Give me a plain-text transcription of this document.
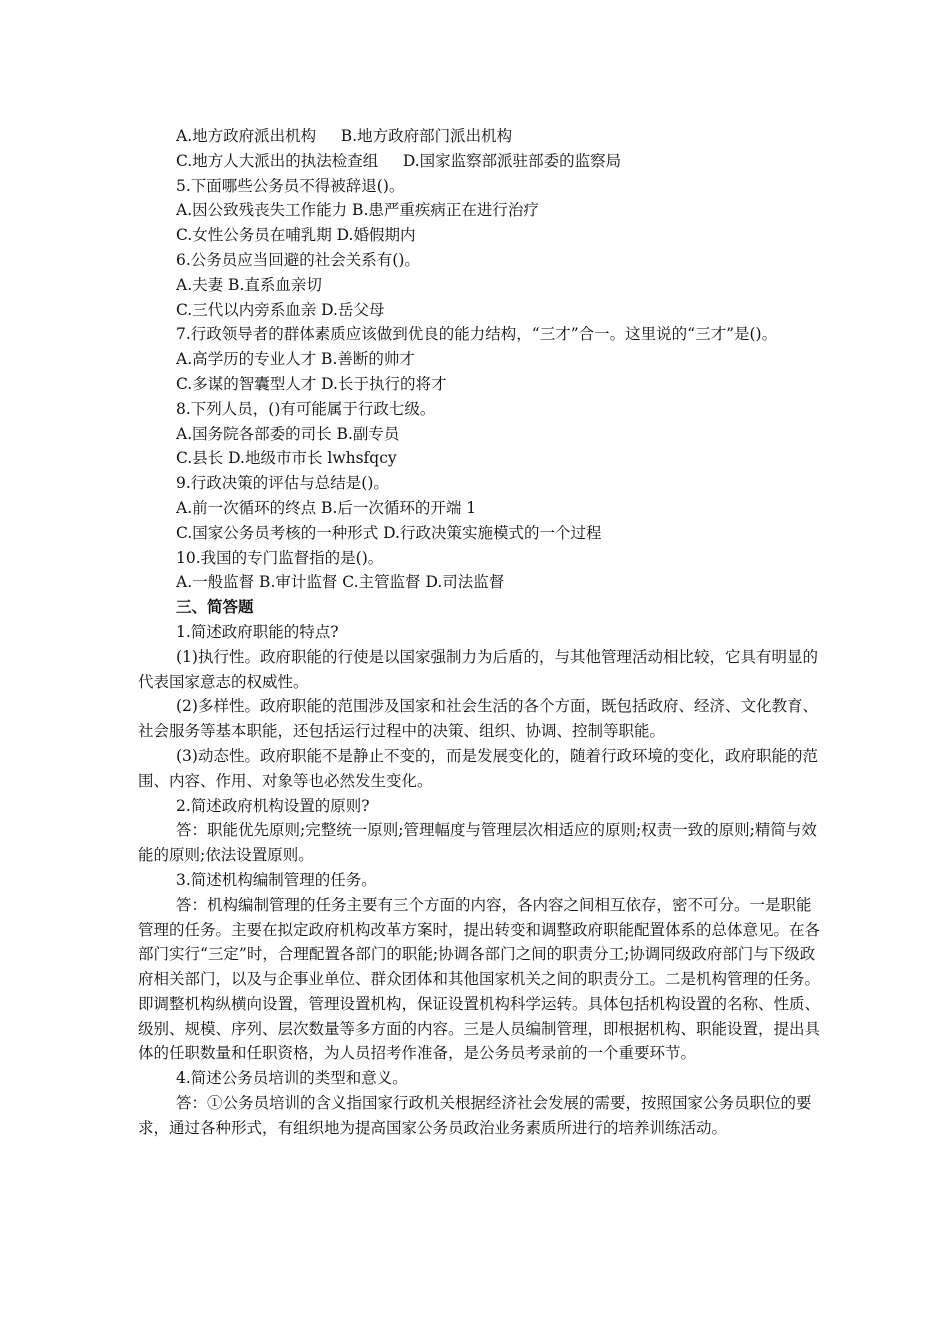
A.地方政府派出机构     B.地方政府部门派出机构
C.地方人大派出的执法检查组     D.国家监察部派驻部委的监察局
5.下面哪些公务员不得被辞退()。
A.因公致残丧失工作能力 B.患严重疾病正在进行治疗
C.女性公务员在哺乳期 D.婚假期内
6.公务员应当回避的社会关系有()。
A.夫妻 B.直系血亲切
C.三代以内旁系血亲 D.岳父母

7.行政领导者的群体素质应该做到优良的能力结构，“三才”合一。这里说的“三才”是()。

A.高学历的专业人才 B.善断的帅才
C.多谋的智囊型人才 D.长于执行的将才
8.下列人员，()有可能属于行政七级。
A.国务院各部委的司长 B.副专员
C.县长 D.地级市市长 lwhsfqcy
9.行政决策的评估与总结是()。
A.前一次循环的终点 B.后一次循环的开端 1
C.国家公务员考核的一种形式 D.行政决策实施模式的一个过程
10.我国的专门监督指的是()。
A.一般监督 B.审计监督 C.主管监督 D.司法监督
三、简答题
1.简述政府职能的特点?

(1)执行性。政府职能的行使是以国家强制力为后盾的，与其他管理活动相比较，它具有明显的代表国家意志的权威性。

(2)多样性。政府职能的范围涉及国家和社会生活的各个方面，既包括政府、经济、文化教育、社会服务等基本职能，还包括运行过程中的决策、组织、协调、控制等职能。

(3)动态性。政府职能不是静止不变的，而是发展变化的，随着行政环境的变化，政府职能的范围、内容、作用、对象等也必然发生变化。

2.简述政府机构设置的原则?

答：职能优先原则;完整统一原则;管理幅度与管理层次相适应的原则;权责一致的原则;精简与效能的原则;依法设置原则。

3.简述机构编制管理的任务。

答：机构编制管理的任务主要有三个方面的内容，各内容之间相互依存，密不可分。一是职能管理的任务。主要在拟定政府机构改革方案时，提出转变和调整政府职能配置体系的总体意见。在各部门实行“三定”时，合理配置各部门的职能;协调各部门之间的职责分工;协调同级政府部门与下级政府相关部门，以及与企事业单位、群众团体和其他国家机关之间的职责分工。二是机构管理的任务。即调整机构纵横向设置，管理设置机构，保证设置机构科学运转。具体包括机构设置的名称、性质、级别、规模、序列、层次数量等多方面的内容。三是人员编制管理，即根据机构、职能设置，提出具体的任职数量和任职资格，为人员招考作准备，是公务员考录前的一个重要环节。

4.简述公务员培训的类型和意义。

答：①公务员培训的含义指国家行政机关根据经济社会发展的需要，按照国家公务员职位的要求，通过各种形式，有组织地为提高国家公务员政治业务素质所进行的培养训练活动。
